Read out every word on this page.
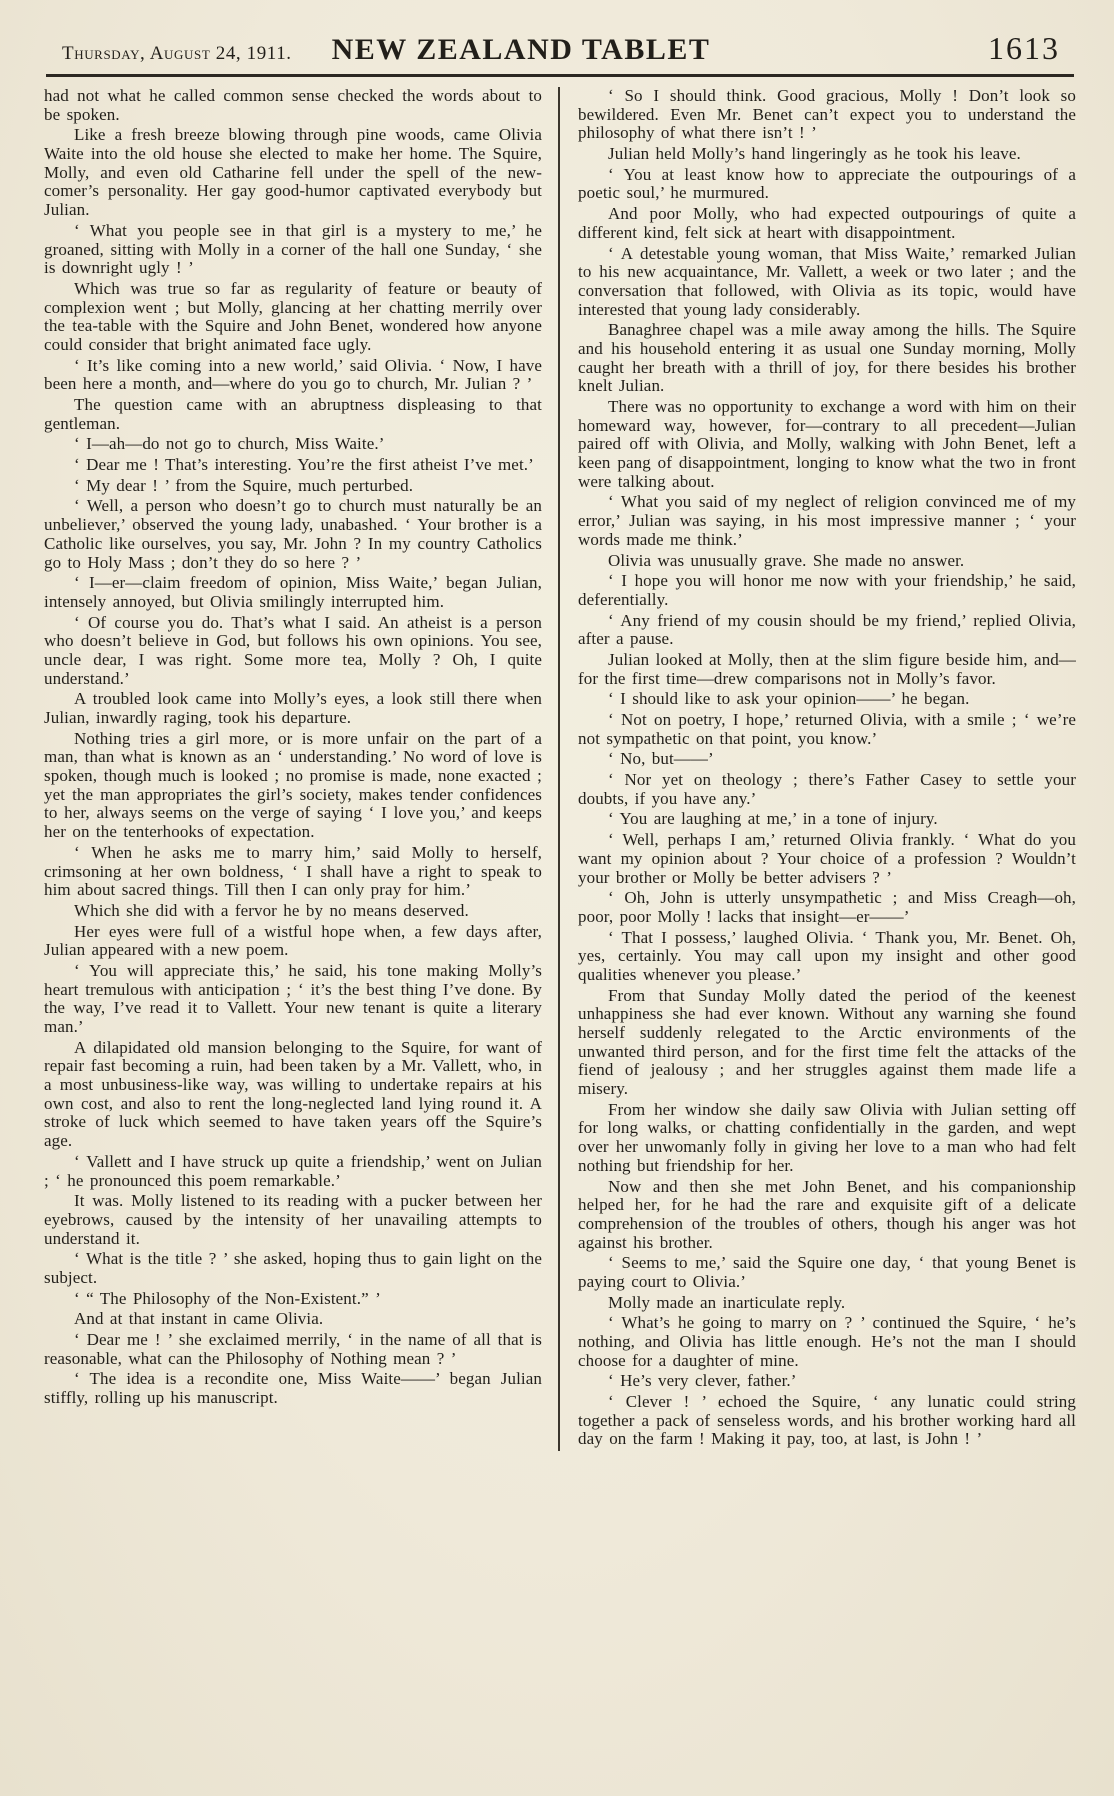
Thursday, August 24, 1911.	NEW ZEALAND TABLET	1613

had not what he called common sense checked the words about to be spoken.

Like a fresh breeze blowing through pine woods, came Olivia Waite into the old house she elected to make her home. The Squire, Molly, and even old Catharine fell under the spell of the new-comer’s personality. Her gay good-humor captivated everybody but Julian.

‘ What you people see in that girl is a mystery to me,’ he groaned, sitting with Molly in a corner of the hall one Sunday, ‘ she is downright ugly ! ’

Which was true so far as regularity of feature or beauty of complexion went ; but Molly, glancing at her chatting merrily over the tea-table with the Squire and John Benet, wondered how anyone could consider that bright animated face ugly.

‘ It’s like coming into a new world,’ said Olivia. ‘ Now, I have been here a month, and—where do you go to church, Mr. Julian ? ’

The question came with an abruptness displeasing to that gentleman.

‘ I—ah—do not go to church, Miss Waite.’

‘ Dear me ! That’s interesting. You’re the first atheist I’ve met.’

‘ My dear ! ’ from the Squire, much perturbed.

‘ Well, a person who doesn’t go to church must naturally be an unbeliever,’ observed the young lady, unabashed. ‘ Your brother is a Catholic like ourselves, you say, Mr. John ? In my country Catholics go to Holy Mass ; don’t they do so here ? ’

‘ I—er—claim freedom of opinion, Miss Waite,’ began Julian, intensely annoyed, but Olivia smilingly interrupted him.

‘ Of course you do. That’s what I said. An atheist is a person who doesn’t believe in God, but follows his own opinions. You see, uncle dear, I was right. Some more tea, Molly ? Oh, I quite understand.’

A troubled look came into Molly’s eyes, a look still there when Julian, inwardly raging, took his departure.

Nothing tries a girl more, or is more unfair on the part of a man, than what is known as an ‘ understanding.’ No word of love is spoken, though much is looked ; no promise is made, none exacted ; yet the man appropriates the girl’s society, makes tender confidences to her, always seems on the verge of saying ‘ I love you,’ and keeps her on the tenterhooks of expectation.

‘ When he asks me to marry him,’ said Molly to herself, crimsoning at her own boldness, ‘ I shall have a right to speak to him about sacred things. Till then I can only pray for him.’

Which she did with a fervor he by no means deserved.

Her eyes were full of a wistful hope when, a few days after, Julian appeared with a new poem.

‘ You will appreciate this,’ he said, his tone making Molly’s heart tremulous with anticipation ; ‘ it’s the best thing I’ve done. By the way, I’ve read it to Vallett. Your new tenant is quite a literary man.’

A dilapidated old mansion belonging to the Squire, for want of repair fast becoming a ruin, had been taken by a Mr. Vallett, who, in a most unbusiness-like way, was willing to undertake repairs at his own cost, and also to rent the long-neglected land lying round it. A stroke of luck which seemed to have taken years off the Squire’s age.

‘ Vallett and I have struck up quite a friendship,’ went on Julian ; ‘ he pronounced this poem remarkable.’

It was. Molly listened to its reading with a pucker between her eyebrows, caused by the intensity of her unavailing attempts to understand it.

‘ What is the title ? ’ she asked, hoping thus to gain light on the subject.

‘ “ The Philosophy of the Non-Existent.” ’

And at that instant in came Olivia.

‘ Dear me ! ’ she exclaimed merrily, ‘ in the name of all that is reasonable, what can the Philosophy of Nothing mean ? ’

‘ The idea is a recondite one, Miss Waite——’ began Julian stiffly, rolling up his manuscript.

‘ So I should think. Good gracious, Molly ! Don’t look so bewildered. Even Mr. Benet can’t expect you to understand the philosophy of what there isn’t ! ’

Julian held Molly’s hand lingeringly as he took his leave.

‘ You at least know how to appreciate the outpourings of a poetic soul,’ he murmured.

And poor Molly, who had expected outpourings of quite a different kind, felt sick at heart with disappointment.

‘ A detestable young woman, that Miss Waite,’ remarked Julian to his new acquaintance, Mr. Vallett, a week or two later ; and the conversation that followed, with Olivia as its topic, would have interested that young lady considerably.

Banaghree chapel was a mile away among the hills. The Squire and his household entering it as usual one Sunday morning, Molly caught her breath with a thrill of joy, for there besides his brother knelt Julian.

There was no opportunity to exchange a word with him on their homeward way, however, for—contrary to all precedent—Julian paired off with Olivia, and Molly, walking with John Benet, left a keen pang of disappointment, longing to know what the two in front were talking about.

‘ What you said of my neglect of religion convinced me of my error,’ Julian was saying, in his most impressive manner ; ‘ your words made me think.’

Olivia was unusually grave. She made no answer.

‘ I hope you will honor me now with your friendship,’ he said, deferentially.

‘ Any friend of my cousin should be my friend,’ replied Olivia, after a pause.

Julian looked at Molly, then at the slim figure beside him, and—for the first time—drew comparisons not in Molly’s favor.

‘ I should like to ask your opinion——’ he began.

‘ Not on poetry, I hope,’ returned Olivia, with a smile ; ‘ we’re not sympathetic on that point, you know.’

‘ No, but——’

‘ Nor yet on theology ; there’s Father Casey to settle your doubts, if you have any.’

‘ You are laughing at me,’ in a tone of injury.

‘ Well, perhaps I am,’ returned Olivia frankly. ‘ What do you want my opinion about ? Your choice of a profession ? Wouldn’t your brother or Molly be better advisers ? ’

‘ Oh, John is utterly unsympathetic ; and Miss Creagh—oh, poor, poor Molly ! lacks that insight—er——’

‘ That I possess,’ laughed Olivia. ‘ Thank you, Mr. Benet. Oh, yes, certainly. You may call upon my insight and other good qualities whenever you please.’

From that Sunday Molly dated the period of the keenest unhappiness she had ever known. Without any warning she found herself suddenly relegated to the Arctic environments of the unwanted third person, and for the first time felt the attacks of the fiend of jealousy ; and her struggles against them made life a misery.

From her window she daily saw Olivia with Julian setting off for long walks, or chatting confidentially in the garden, and wept over her unwomanly folly in giving her love to a man who had felt nothing but friendship for her.

Now and then she met John Benet, and his companionship helped her, for he had the rare and exquisite gift of a delicate comprehension of the troubles of others, though his anger was hot against his brother.

‘ Seems to me,’ said the Squire one day, ‘ that young Benet is paying court to Olivia.’

Molly made an inarticulate reply.

‘ What’s he going to marry on ? ’ continued the Squire, ‘ he’s nothing, and Olivia has little enough. He’s not the man I should choose for a daughter of mine.

‘ He’s very clever, father.’

‘ Clever ! ’ echoed the Squire, ‘ any lunatic could string together a pack of senseless words, and his brother working hard all day on the farm ! Making it pay, too, at last, is John ! ’
